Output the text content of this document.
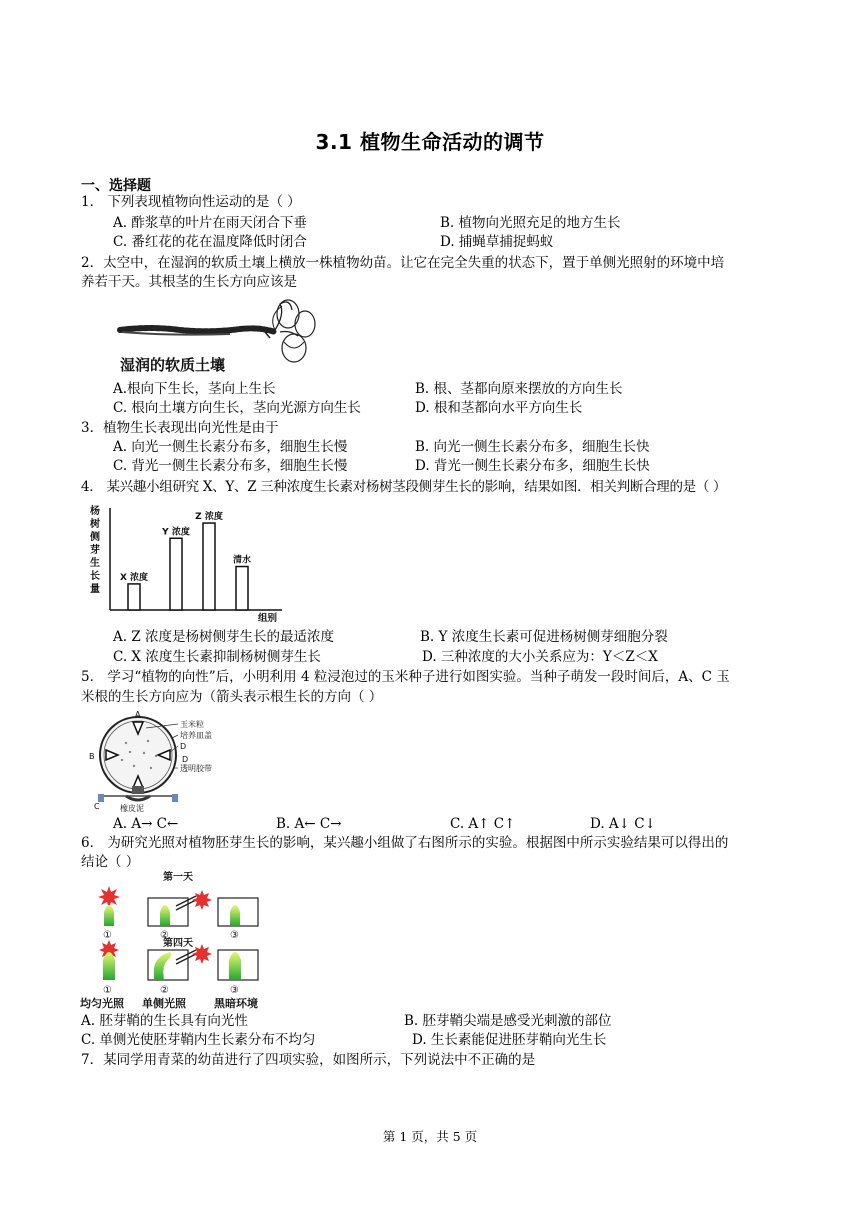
3.1 植物生命活动的调节
一、选择题
1． 下列表现植物向性运动的是（ ）
A. 酢浆草的叶片在雨天闭合下垂	B. 植物向光照充足的地方生长
C. 番红花的花在温度降低时闭合	D. 捕蝇草捕捉蚂蚁
2．太空中，在湿润的软质土壤上横放一株植物幼苗。让它在完全失重的状态下，置于单侧光照射的环境中培
养若干天。其根茎的生长方向应该是
湿润的软质土壤
A.根向下生长，茎向上生长	B. 根、茎都向原来摆放的方向生长
C. 根向土壤方向生长，茎向光源方向生长	D. 根和茎都向水平方向生长
3．植物生长表现出向光性是由于
A. 向光一侧生长素分布多，细胞生长慢	B. 向光一侧生长素分布多，细胞生长快
C. 背光一侧生长素分布多，细胞生长慢	D. 背光一侧生长素分布多，细胞生长快
4． 某兴趣小组研究 X、Y、Z 三种浓度生长素对杨树茎段侧芽生长的影响，结果如图．相关判断合理的是（ ）
杨
树
侧
芽
生
长
量
X 浓度
Y 浓度
Z 浓度
清水
组别
A. Z 浓度是杨树侧芽生长的最适浓度	B. Y 浓度生长素可促进杨树侧芽细胞分裂
C. X 浓度生长素抑制杨树侧芽生长	D. 三种浓度的大小关系应为：Y＜Z＜X
5． 学习“植物的向性”后，小明利用 4 粒浸泡过的玉米种子进行如图实验。当种子萌发一段时间后，A、C 玉
米根的生长方向应为（箭头表示根生长的方向（ ）
A
B
C
D
玉米粒
培养皿盖
D
透明胶带
橡皮泥
A. A→ C←	B. A← C→	C. A↑ C↑	D. A↓ C↓
6． 为研究光照对植物胚芽生长的影响，某兴趣小组做了右图所示的实验。根据图中所示实验结果可以得出的
结论（ ）
第一天
①	②	③
第四天
①	②	③
均匀光照 单侧光照	黑暗环境
A. 胚芽鞘的生长具有向光性	B. 胚芽鞘尖端是感受光刺激的部位
C. 单侧光使胚芽鞘内生长素分布不均匀	D. 生长素能促进胚芽鞘向光生长
7．某同学用青菜的幼苗进行了四项实验，如图所示，下列说法中不正确的是
第 1 页，共 5 页
